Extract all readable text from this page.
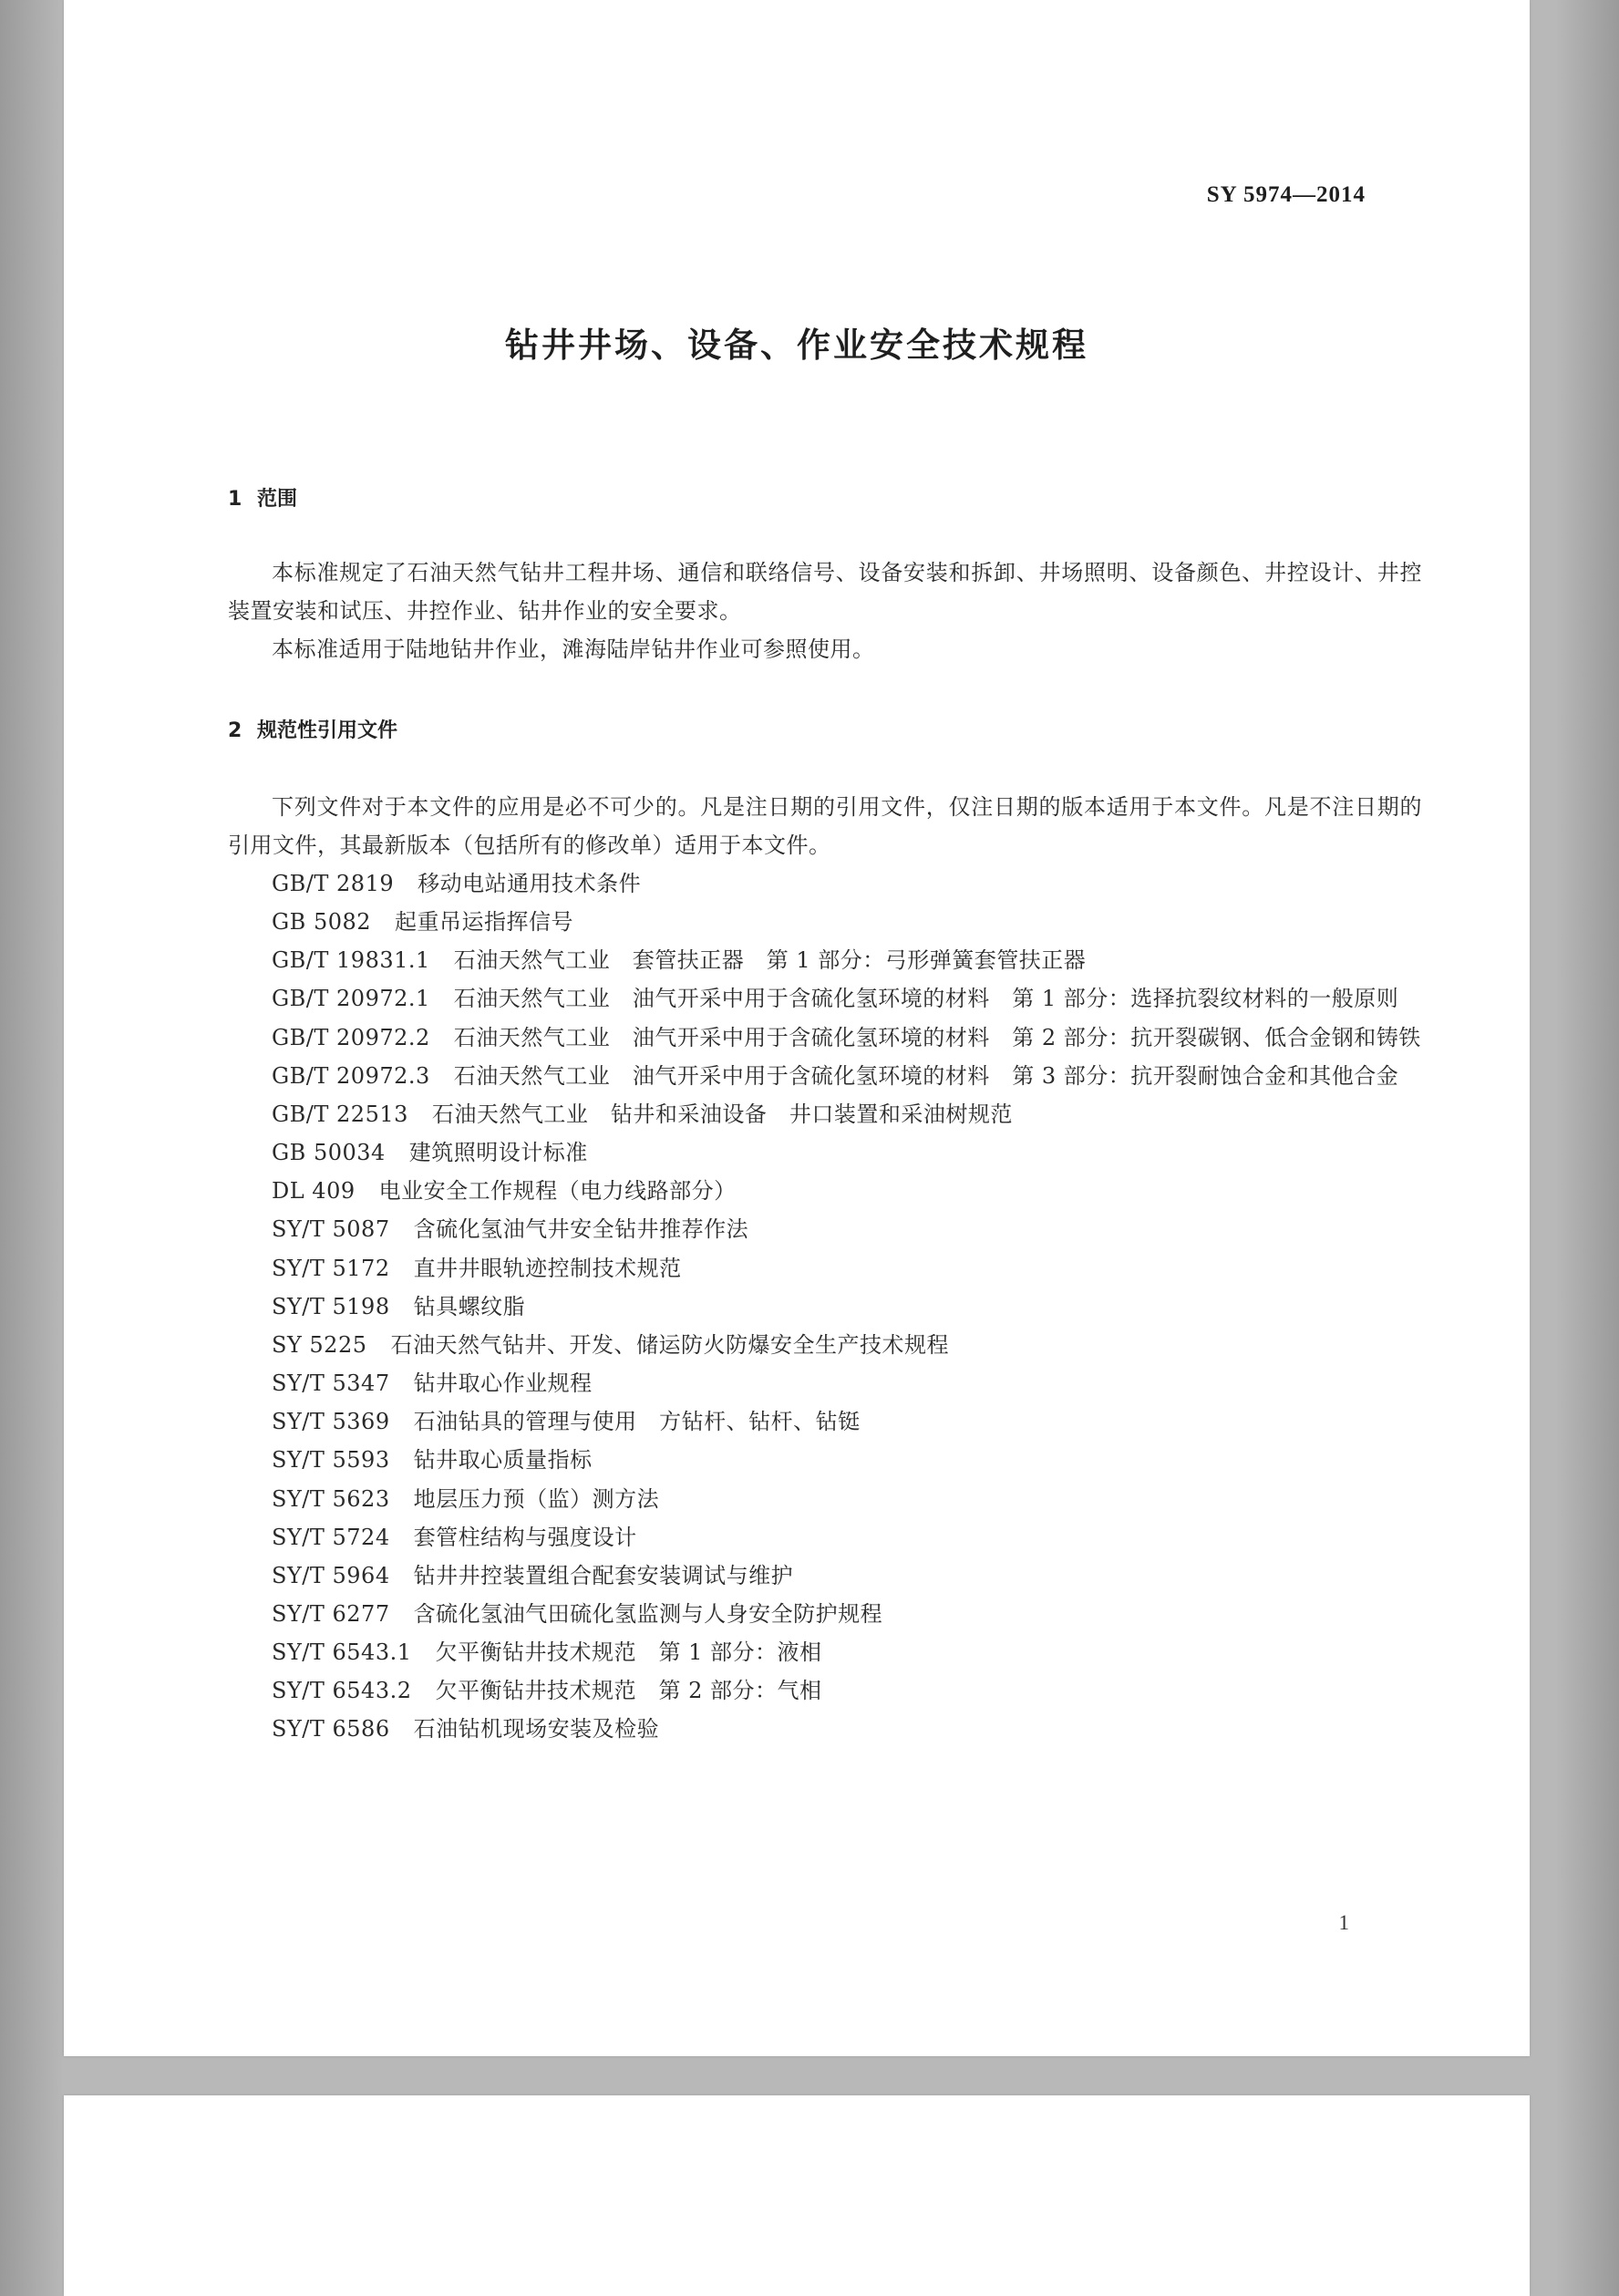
SY 5974—2014
钻井井场、设备、作业安全技术规程
1 范围
本标准规定了石油天然气钻井工程井场、通信和联络信号、设备安装和拆卸、井场照明、设备颜色、井控设计、井控装置安装和试压、井控作业、钻井作业的安全要求。
本标准适用于陆地钻井作业，滩海陆岸钻井作业可参照使用。
2 规范性引用文件
下列文件对于本文件的应用是必不可少的。凡是注日期的引用文件，仅注日期的版本适用于本文件。凡是不注日期的引用文件，其最新版本（包括所有的修改单）适用于本文件。
GB/T 2819 移动电站通用技术条件
GB 5082 起重吊运指挥信号
GB/T 19831.1 石油天然气工业　套管扶正器　第 1 部分：弓形弹簧套管扶正器
GB/T 20972.1 石油天然气工业　油气开采中用于含硫化氢环境的材料　第 1 部分：选择抗裂纹材料的一般原则
GB/T 20972.2 石油天然气工业　油气开采中用于含硫化氢环境的材料　第 2 部分：抗开裂碳钢、低合金钢和铸铁
GB/T 20972.3 石油天然气工业　油气开采中用于含硫化氢环境的材料　第 3 部分：抗开裂耐蚀合金和其他合金
GB/T 22513 石油天然气工业　钻井和采油设备　井口装置和采油树规范
GB 50034 建筑照明设计标准
DL 409 电业安全工作规程（电力线路部分）
SY/T 5087 含硫化氢油气井安全钻井推荐作法
SY/T 5172 直井井眼轨迹控制技术规范
SY/T 5198 钻具螺纹脂
SY 5225 石油天然气钻井、开发、储运防火防爆安全生产技术规程
SY/T 5347 钻井取心作业规程
SY/T 5369 石油钻具的管理与使用　方钻杆、钻杆、钻铤
SY/T 5593 钻井取心质量指标
SY/T 5623 地层压力预（监）测方法
SY/T 5724 套管柱结构与强度设计
SY/T 5964 钻井井控装置组合配套安装调试与维护
SY/T 6277 含硫化氢油气田硫化氢监测与人身安全防护规程
SY/T 6543.1 欠平衡钻井技术规范　第 1 部分：液相
SY/T 6543.2 欠平衡钻井技术规范　第 2 部分：气相
SY/T 6586 石油钻机现场安装及检验
1
